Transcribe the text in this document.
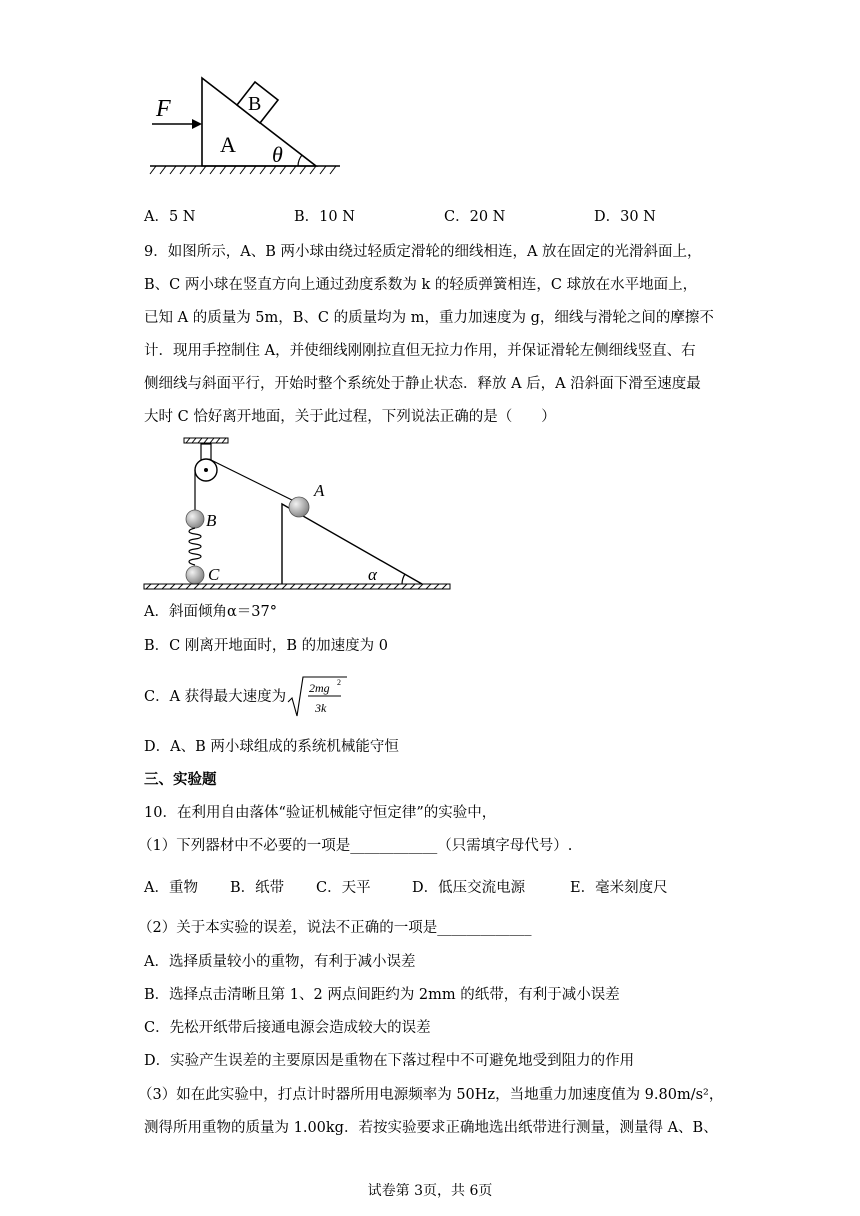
F
A
B
θ
A．5 N	B．10 N	C．20 N	D．30 N
9．如图所示，A、B 两小球由绕过轻质定滑轮的细线相连，A 放在固定的光滑斜面上，
B、C 两小球在竖直方向上通过劲度系数为 k 的轻质弹簧相连，C 球放在水平地面上，
已知 A 的质量为 5m，B、C 的质量均为 m，重力加速度为 g，细线与滑轮之间的摩擦不
计．现用手控制住 A，并使细线刚刚拉直但无拉力作用，并保证滑轮左侧细线竖直、右
侧细线与斜面平行，开始时整个系统处于静止状态．释放 A 后，A 沿斜面下滑至速度最
大时 C 恰好离开地面，关于此过程，下列说法正确的是（　　）
A
B
C	α
A．斜面倾角α＝37°
B．C 刚离开地面时，B 的加速度为 0
C．A 获得最大速度为
2mg 2
3k
D．A、B 两小球组成的系统机械能守恒
三、实验题
10．在利用自由落体“验证机械能守恒定律”的实验中，
（1）下列器材中不必要的一项是____________（只需填字母代号）.
A．重物 B．纸带 C．天平	D．低压交流电源	E．毫米刻度尺
（2）关于本实验的误差，说法不正确的一项是_____________
A．选择质量较小的重物，有利于减小误差
B．选择点击清晰且第 1、2 两点间距约为 2mm 的纸带，有利于减小误差
C．先松开纸带后接通电源会造成较大的误差
D．实验产生误差的主要原因是重物在下落过程中不可避免地受到阻力的作用
（3）如在此实验中，打点计时器所用电源频率为 50Hz，当地重力加速度值为 9.80m/s²，
测得所用重物的质量为 1.00kg．若按实验要求正确地选出纸带进行测量，测量得 A、B、
试卷第 3页，共 6页
